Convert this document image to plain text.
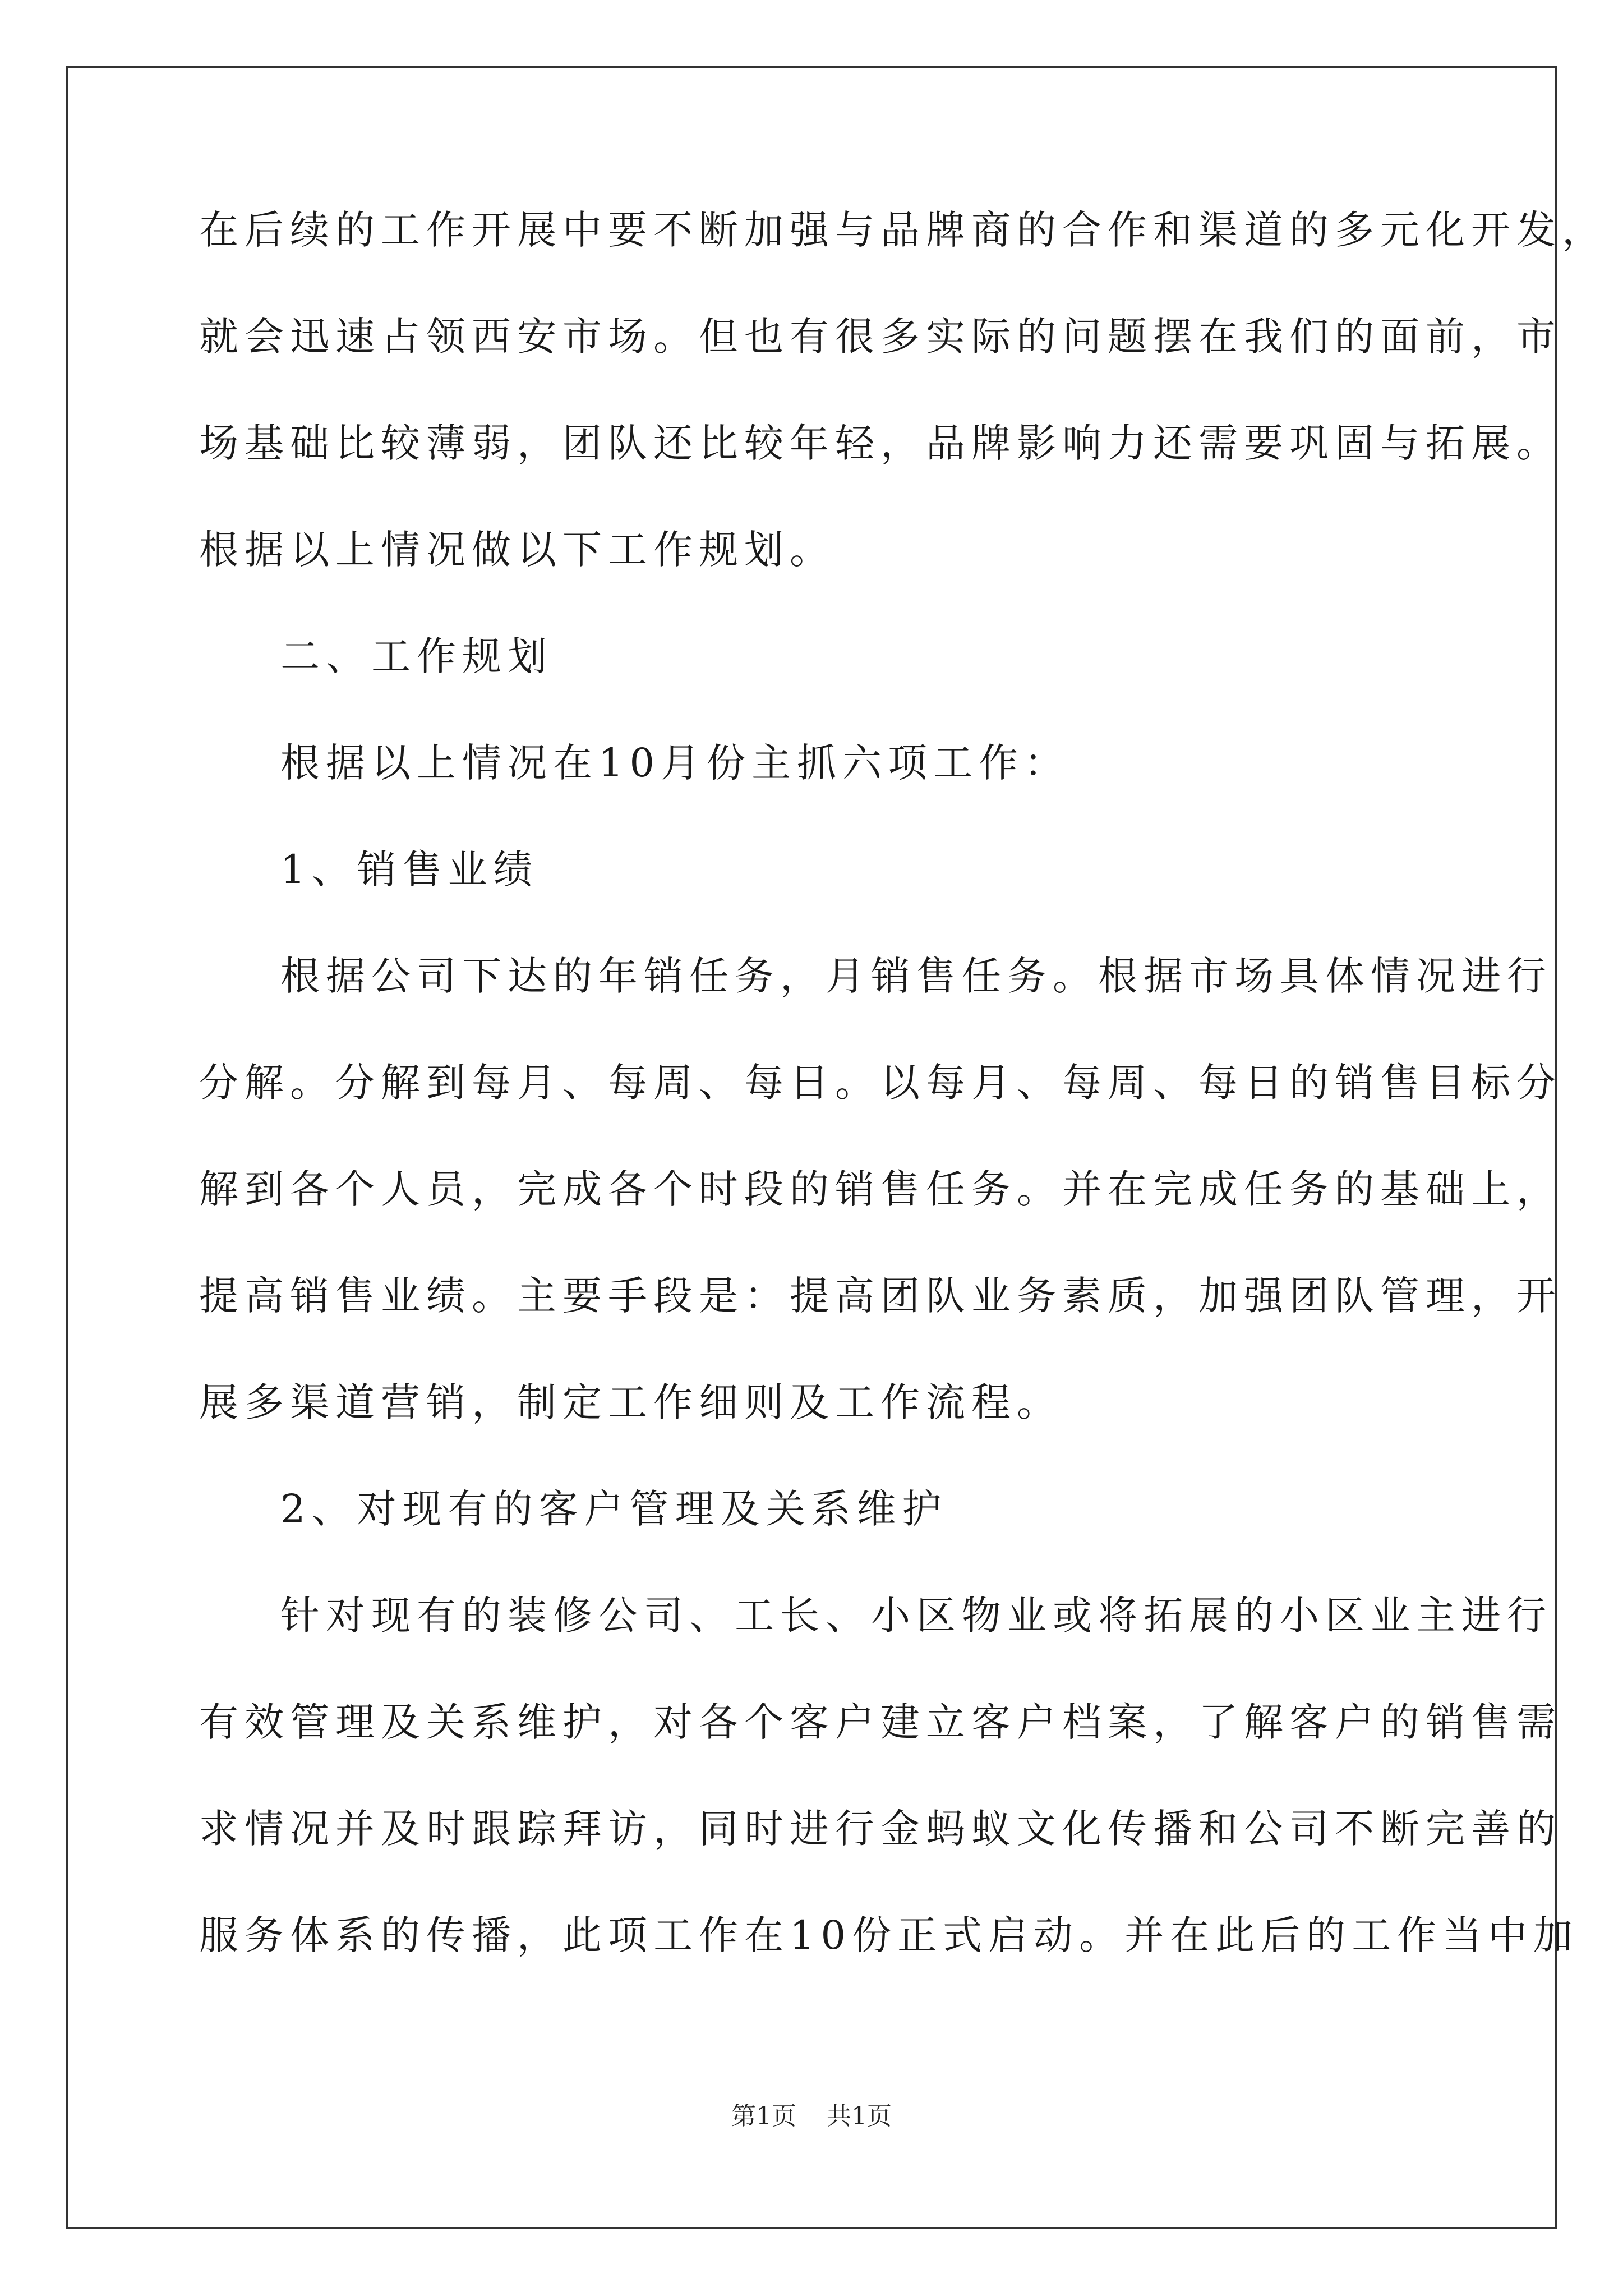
在后续的工作开展中要不断加强与品牌商的合作和渠道的多元化开发，
就会迅速占领西安市场。但也有很多实际的问题摆在我们的面前，市
场基础比较薄弱，团队还比较年轻，品牌影响力还需要巩固与拓展。
根据以上情况做以下工作规划。
二、工作规划
根据以上情况在10月份主抓六项工作：
1、销售业绩
根据公司下达的年销任务，月销售任务。根据市场具体情况进行
分解。分解到每月、每周、每日。以每月、每周、每日的销售目标分
解到各个人员，完成各个时段的销售任务。并在完成任务的基础上，
提高销售业绩。主要手段是：提高团队业务素质，加强团队管理，开
展多渠道营销，制定工作细则及工作流程。
2、对现有的客户管理及关系维护
针对现有的装修公司、工长、小区物业或将拓展的小区业主进行
有效管理及关系维护，对各个客户建立客户档案，了解客户的销售需
求情况并及时跟踪拜访，同时进行金蚂蚁文化传播和公司不断完善的
服务体系的传播，此项工作在10份正式启动。并在此后的工作当中加
第1页 共1页
